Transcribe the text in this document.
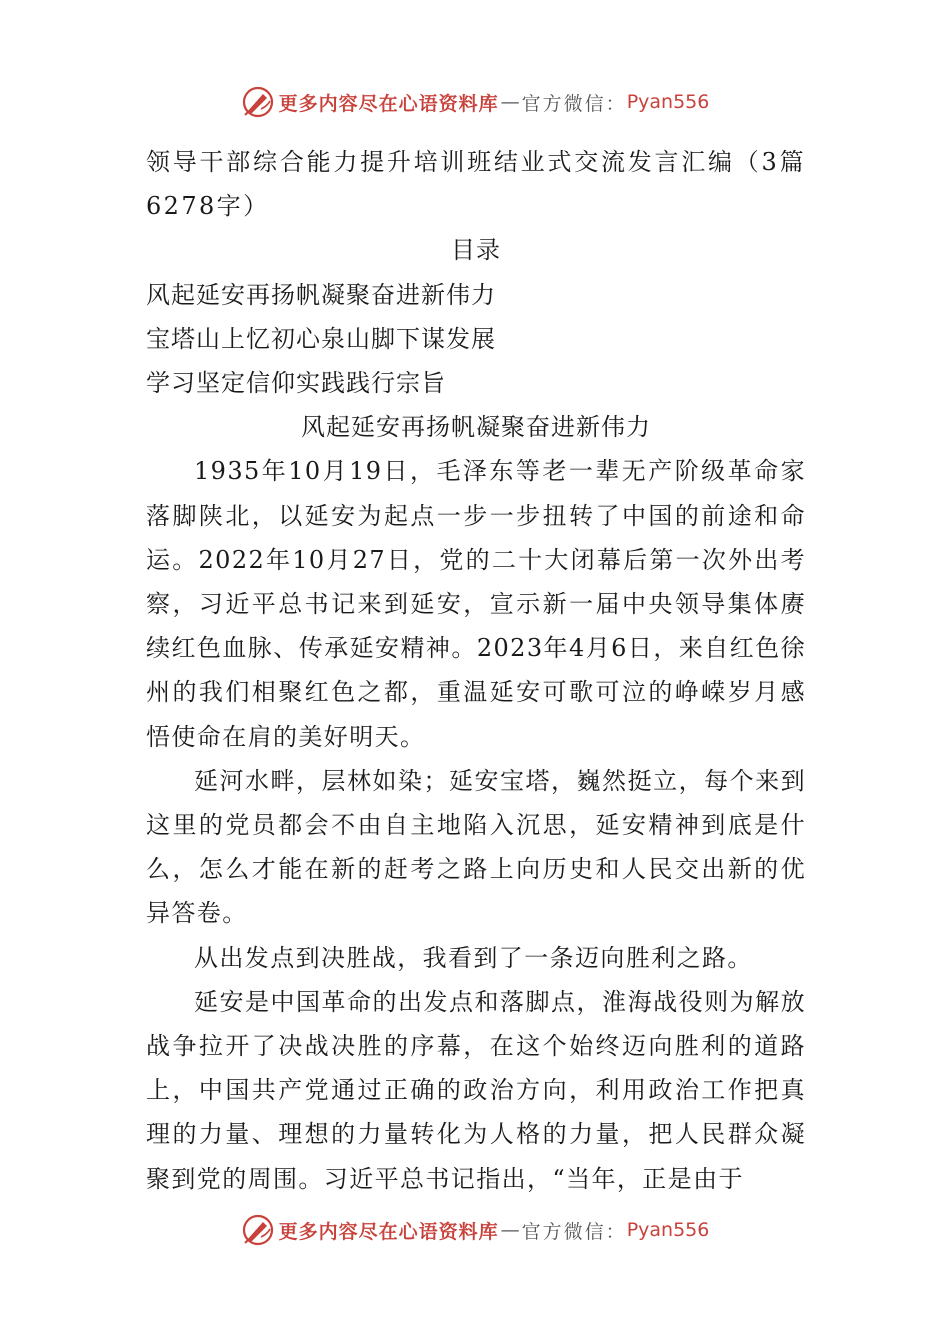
更多内容尽在心语资料库 — 官方微信： Pyan556

领导干部综合能力提升培训班结业式交流发言汇编（3篇6278字）

目录

风起延安再扬帆凝聚奋进新伟力

宝塔山上忆初心泉山脚下谋发展

学习坚定信仰实践践行宗旨

风起延安再扬帆凝聚奋进新伟力

1935年10月19日，毛泽东等老一辈无产阶级革命家落脚陕北，以延安为起点一步一步扭转了中国的前途和命运。2022年10月27日，党的二十大闭幕后第一次外出考察，习近平总书记来到延安，宣示新一届中央领导集体赓续红色血脉、传承延安精神。2023年4月6日，来自红色徐州的我们相聚红色之都，重温延安可歌可泣的峥嵘岁月感悟使命在肩的美好明天。

延河水畔，层林如染；延安宝塔，巍然挺立，每个来到这里的党员都会不由自主地陷入沉思，延安精神到底是什么，怎么才能在新的赶考之路上向历史和人民交出新的优异答卷。

从出发点到决胜战，我看到了一条迈向胜利之路。

延安是中国革命的出发点和落脚点，淮海战役则为解放战争拉开了决战决胜的序幕，在这个始终迈向胜利的道路上，中国共产党通过正确的政治方向，利用政治工作把真理的力量、理想的力量转化为人格的力量，把人民群众凝聚到党的周围。习近平总书记指出，“当年，正是由于

更多内容尽在心语资料库 — 官方微信： Pyan556
